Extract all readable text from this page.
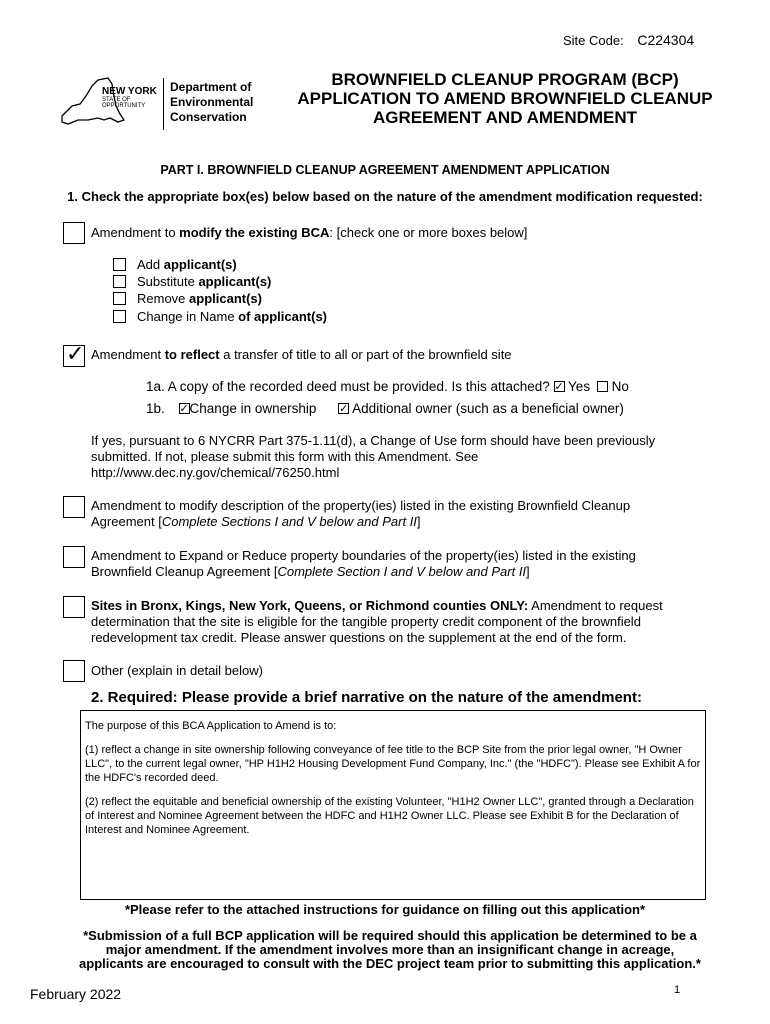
Site Code: C224304
NEW YORK
STATE OF
OPPORTUNITY
Department of
Environmental
Conservation
BROWNFIELD CLEANUP PROGRAM (BCP)
APPLICATION TO AMEND BROWNFIELD CLEANUP
AGREEMENT AND AMENDMENT
PART I. BROWNFIELD CLEANUP AGREEMENT AMENDMENT APPLICATION
1. Check the appropriate box(es) below based on the nature of the amendment modification requested:
Amendment to modify the existing BCA: [check one or more boxes below]
Add applicant(s)
Substitute applicant(s)
Remove applicant(s)
Change in Name of applicant(s)
✓ Amendment to reflect a transfer of title to all or part of the brownfield site
1a. A copy of the recorded deed must be provided. Is this attached? ✓ Yes No
1b. ✓ Change in ownership ✓	Additional owner (such as a beneficial owner)
If yes, pursuant to 6 NYCRR Part 375-1.11(d), a Change of Use form should have been previously
submitted. If not, please submit this form with this Amendment. See
http://www.dec.ny.gov/chemical/76250.html
Amendment to modify description of the property(ies) listed in the existing Brownfield Cleanup
Agreement [Complete Sections I and V below and Part II]
Amendment to Expand or Reduce property boundaries of the property(ies) listed in the existing
Brownfield Cleanup Agreement [Complete Section I and V below and Part II]
Sites in Bronx, Kings, New York, Queens, or Richmond counties ONLY: Amendment to request
determination that the site is eligible for the tangible property credit component of the brownfield
redevelopment tax credit. Please answer questions on the supplement at the end of the form.
Other (explain in detail below)
2. Required: Please provide a brief narrative on the nature of the amendment:

The purpose of this BCA Application to Amend is to:

(1) reflect a change in site ownership following conveyance of fee title to the BCP Site from the prior legal owner, "H Owner LLC", to the current legal owner, "HP H1H2 Housing Development Fund Company, Inc." (the "HDFC"). Please see Exhibit A for the HDFC's recorded deed.

(2) reflect the equitable and beneficial ownership of the existing Volunteer, "H1H2 Owner LLC", granted through a Declaration of Interest and Nominee Agreement between the HDFC and H1H2 Owner LLC. Please see Exhibit B for the Declaration of Interest and Nominee Agreement.

*Please refer to the attached instructions for guidance on filling out this application*
*Submission of a full BCP application will be required should this application be determined to be a
major amendment. If the amendment involves more than an insignificant change in acreage,
applicants are encouraged to consult with the DEC project team prior to submitting this application.*
February 2022	1
